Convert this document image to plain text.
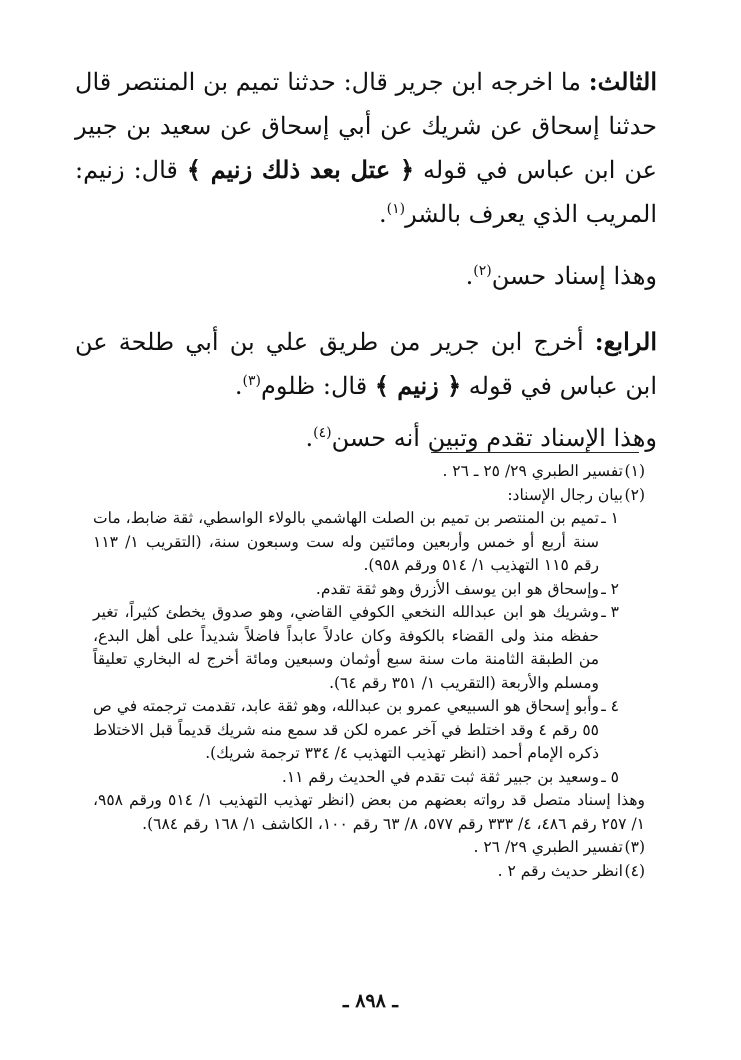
الثالث: ما اخرجه ابن جرير قال: حدثنا تميم بن المنتصر قال حدثنا إسحاق عن شريك عن أبي إسحاق عن سعيد بن جبير عن ابن عباس في قوله ﴿ عتل بعد ذلك زنيم ﴾ قال: زنيم: المريب الذي يعرف بالشر$^{(١)}$.

وهذا إسناد حسن$^{(٢)}$.

الرابع: أخرج ابن جرير من طريق علي بن أبي طلحة عن ابن عباس في قوله ﴿ زنيم ﴾ قال: ظلوم$^{(٣)}$.

وهذا الإسناد تقدم وتبين أنه حسن$^{(٤)}$.

(١)
تفسير الطبري ٢٩/ ٢٥ ـ ٢٦ .

(٢)
بيان رجال الإسناد:

١ ـ
تميم بن المنتصر بن تميم بن الصلت الهاشمي بالولاء الواسطي، ثقة ضابط، مات سنة أربع أو خمس وأربعين ومائتين وله ست وسبعون سنة، (التقريب ١/ ١١٣ رقم ١١٥ التهذيب ١/ ٥١٤ ورقم ٩٥٨).

٢ ـ
وإسحاق هو ابن يوسف الأزرق وهو ثقة تقدم.

٣ ـ
وشريك هو ابن عبدالله النخعي الكوفي القاضي، وهو صدوق يخطئ كثيراً، تغير حفظه منذ ولى القضاء بالكوفة وكان عادلاً عابداً فاضلاً شديداً على أهل البدع، من الطبقة الثامنة مات سنة سبع أوثمان وسبعين ومائة أخرج له البخاري تعليقاً ومسلم والأربعة (التقريب ١/ ٣٥١ رقم ٦٤).

٤ ـ
وأبو إسحاق هو السبيعي عمرو بن عبدالله، وهو ثقة عابد، تقدمت ترجمته في ص ٥٥ رقم ٤ وقد اختلط في آخر عمره لكن قد سمع منه شريك قديماً قبل الاختلاط ذكره الإمام أحمد (انظر تهذيب التهذيب ٤/ ٣٣٤ ترجمة شريك).

٥ ـ
وسعيد بن جبير ثقة ثبت تقدم في الحديث رقم ١١.

وهذا إسناد متصل قد رواته بعضهم من بعض (انظر تهذيب التهذيب ١/ ٥١٤ ورقم ٩٥٨، ١/ ٢٥٧ رقم ٤٨٦، ٤/ ٣٣٣ رقم ٥٧٧، ٨/ ٦٣ رقم ١٠٠، الكاشف ١/ ١٦٨ رقم ٦٨٤).

(٣)
تفسير الطبري ٢٩/ ٢٦ .

(٤)
انظر حديث رقم ٢ .

ـ ٨٩٨ ـ
